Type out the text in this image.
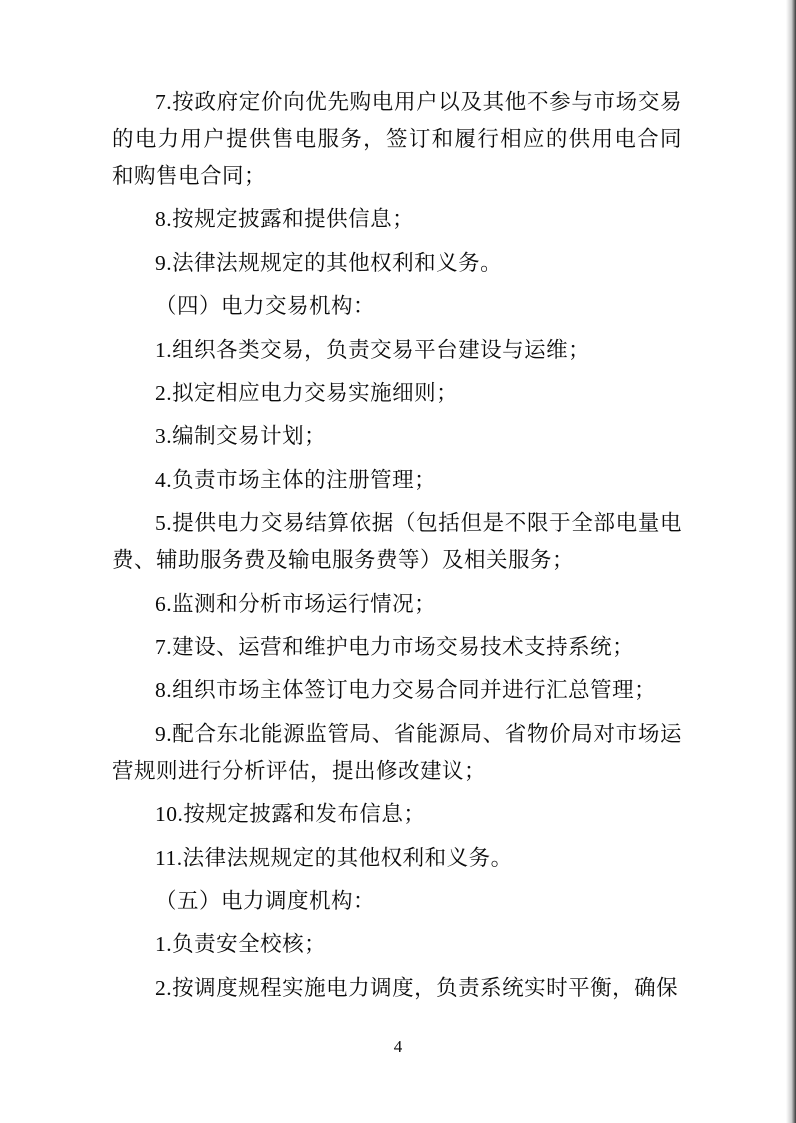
7.按政府定价向优先购电用户以及其他不参与市场交易的电力用户提供售电服务，签订和履行相应的供用电合同和购售电合同；

8.按规定披露和提供信息；

9.法律法规规定的其他权利和义务。

（四）电力交易机构：

1.组织各类交易，负责交易平台建设与运维；

2.拟定相应电力交易实施细则；

3.编制交易计划；

4.负责市场主体的注册管理；

5.提供电力交易结算依据（包括但是不限于全部电量电费、辅助服务费及输电服务费等）及相关服务；

6.监测和分析市场运行情况；

7.建设、运营和维护电力市场交易技术支持系统；

8.组织市场主体签订电力交易合同并进行汇总管理；

9.配合东北能源监管局、省能源局、省物价局对市场运营规则进行分析评估，提出修改建议；

10.按规定披露和发布信息；

11.法律法规规定的其他权利和义务。

（五）电力调度机构：

1.负责安全校核；

2.按调度规程实施电力调度，负责系统实时平衡，确保

4
